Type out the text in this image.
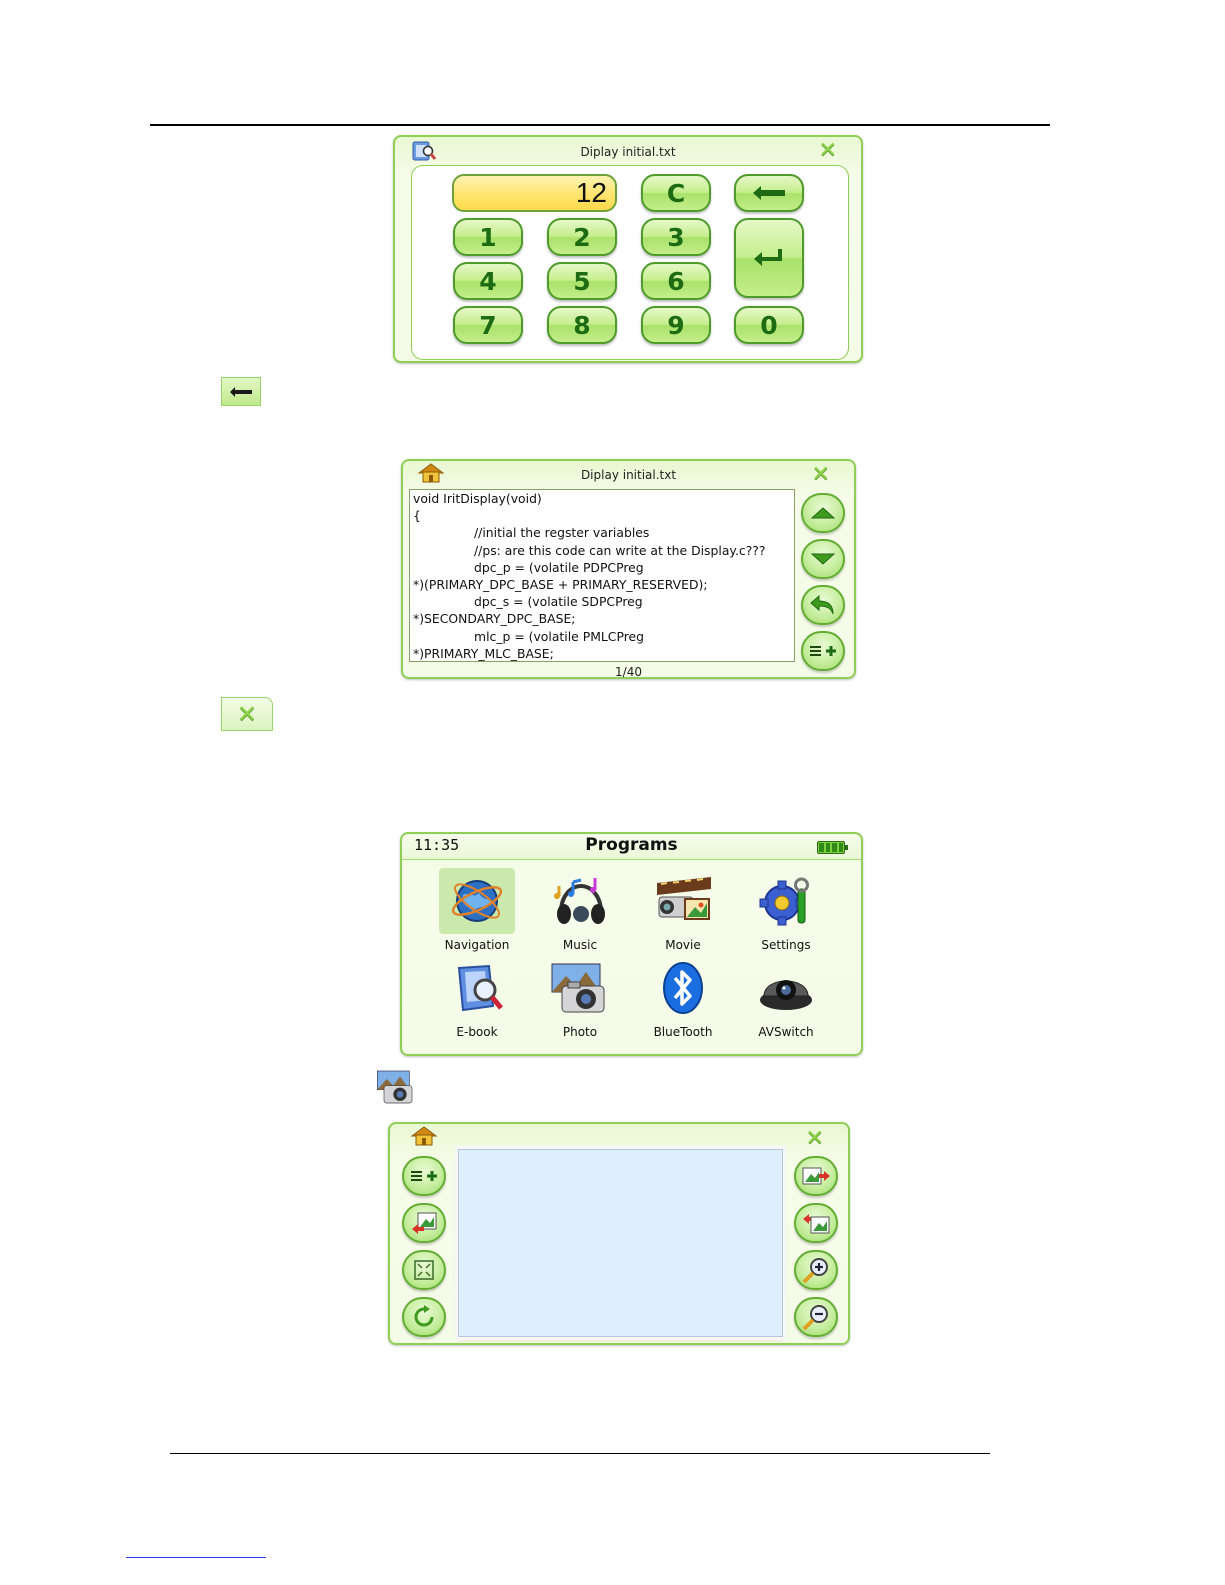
Diplay initial.txt	✕
12	C
1	2	3
4	5	6
7	8	9	0
Diplay initial.txt	✕
void IritDisplay(void)
{
//initial the regster variables
//ps: are this code can write at the Display.c???
dpc_p = (volatile PDPCPreg
*)(PRIMARY_DPC_BASE + PRIMARY_RESERVED);
dpc_s = (volatile SDPCPreg
*)SECONDARY_DPC_BASE;
mlc_p = (volatile PMLCPreg
*)PRIMARY_MLC_BASE;
1/40
✕
11:35	Programs
Navigation	Music	Movie	Settings
E-book	Photo	BlueTooth	AVSwitch
✕
